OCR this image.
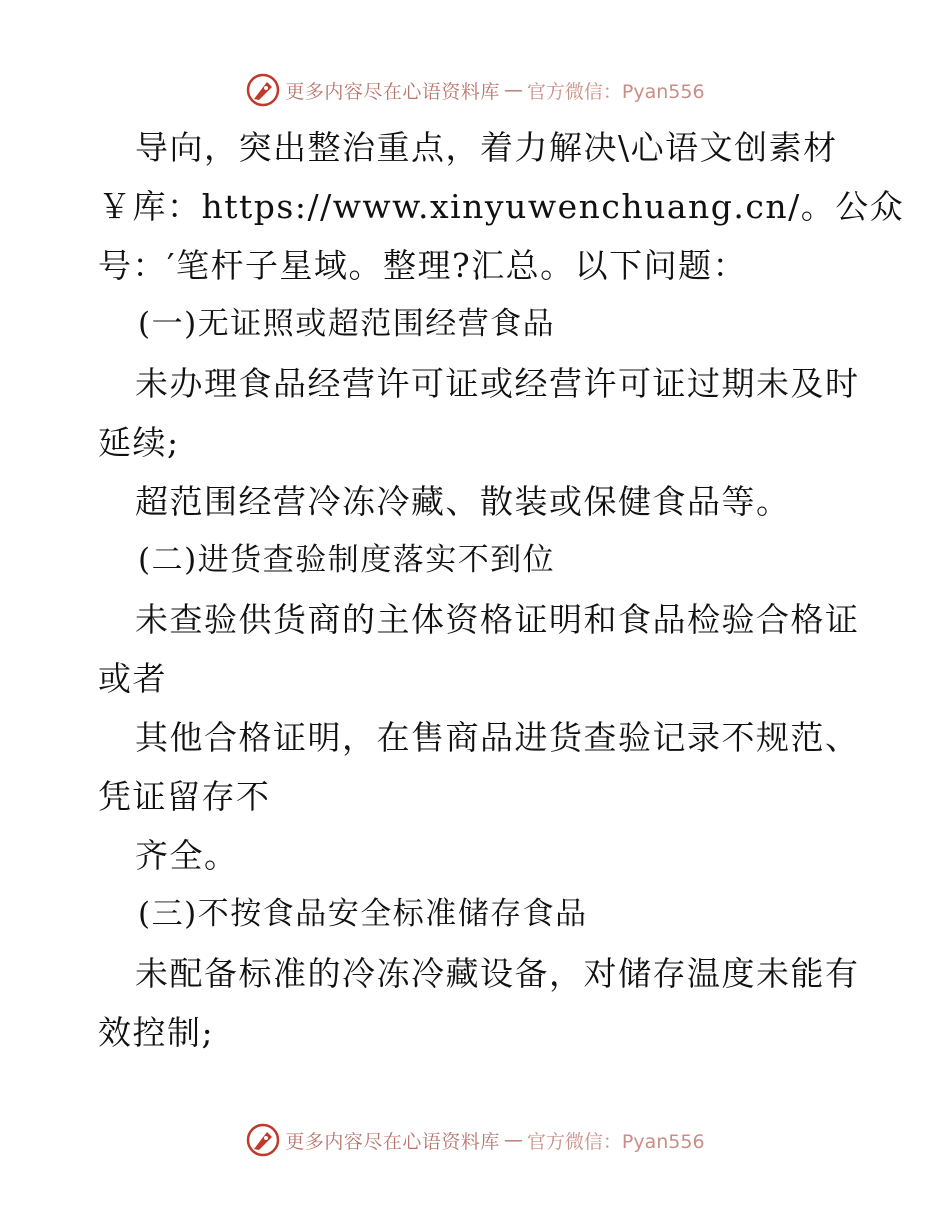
更多内容尽在心语资料库 — 官方微信：Pyan556
导向，突出整治重点，着力解决\心语文创素材
￥库：https://www.xinyuwenchuang.cn/。公众
号：′笔杆子星域。整理?汇总。以下问题：
(一)无证照或超范围经营食品
未办理食品经营许可证或经营许可证过期未及时
延续;
超范围经营冷冻冷藏、散装或保健食品等。
(二)进货查验制度落实不到位
未查验供货商的主体资格证明和食品检验合格证
或者
其他合格证明，在售商品进货查验记录不规范、
凭证留存不
齐全。
(三)不按食品安全标准储存食品
未配备标准的冷冻冷藏设备，对储存温度未能有
效控制;
更多内容尽在心语资料库 — 官方微信：Pyan556
